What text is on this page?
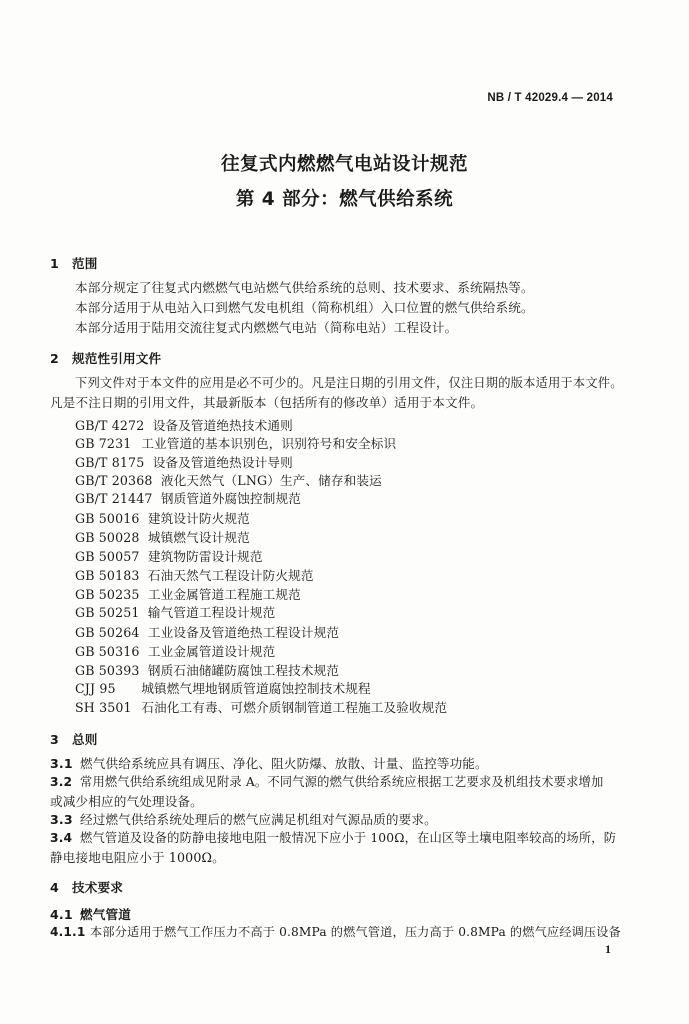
NB / T 42029.4 — 2014
往复式内燃燃气电站设计规范
第 4 部分：燃气供给系统
1 范围
本部分规定了往复式内燃燃气电站燃气供给系统的总则、技术要求、系统隔热等。
本部分适用于从电站入口到燃气发电机组（简称机组）入口位置的燃气供给系统。
本部分适用于陆用交流往复式内燃燃气电站（简称电站）工程设计。
2 规范性引用文件
下列文件对于本文件的应用是必不可少的。凡是注日期的引用文件，仅注日期的版本适用于本文件。
凡是不注日期的引用文件，其最新版本（包括所有的修改单）适用于本文件。
GB/T 4272 设备及管道绝热技术通则
GB 7231 工业管道的基本识别色，识别符号和安全标识
GB/T 8175 设备及管道绝热设计导则
GB/T 20368 液化天然气（LNG）生产、储存和装运
GB/T 21447 钢质管道外腐蚀控制规范
GB 50016 建筑设计防火规范
GB 50028 城镇燃气设计规范
GB 50057 建筑物防雷设计规范
GB 50183 石油天然气工程设计防火规范
GB 50235 工业金属管道工程施工规范
GB 50251 输气管道工程设计规范
GB 50264 工业设备及管道绝热工程设计规范
GB 50316 工业金属管道设计规范
GB 50393 钢质石油储罐防腐蚀工程技术规范
CJJ 95 城镇燃气埋地钢质管道腐蚀控制技术规程
SH 3501 石油化工有毒、可燃介质钢制管道工程施工及验收规范
3 总则
3.1 燃气供给系统应具有调压、净化、阻火防爆、放散、计量、监控等功能。
3.2 常用燃气供给系统组成见附录 A。不同气源的燃气供给系统应根据工艺要求及机组技术要求增加
或减少相应的气处理设备。
3.3 经过燃气供给系统处理后的燃气应满足机组对气源品质的要求。
3.4 燃气管道及设备的防静电接地电阻一般情况下应小于 100Ω，在山区等土壤电阻率较高的场所，防
静电接地电阻应小于 1000Ω。
4 技术要求
4.1 燃气管道
4.1.1 本部分适用于燃气工作压力不高于 0.8MPa 的燃气管道，压力高于 0.8MPa 的燃气应经调压设备
1
